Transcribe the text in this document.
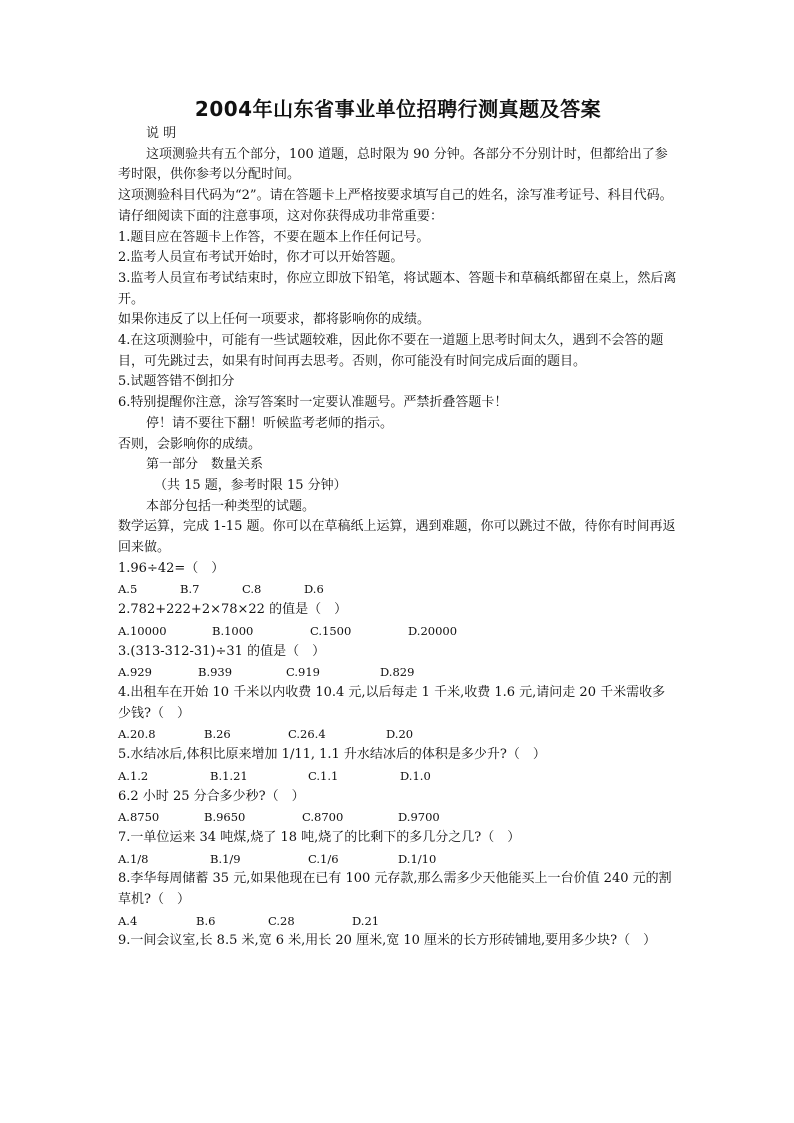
2004年山东省事业单位招聘行测真题及答案

说 明

这项测验共有五个部分，100 道题，总时限为 90 分钟。各部分不分别计时，但都给出了参考时限，供你参考以分配时间。

这项测验科目代码为“2”。请在答题卡上严格按要求填写自己的姓名，涂写准考证号、科目代码。

请仔细阅读下面的注意事项，这对你获得成功非常重要：

1.题目应在答题卡上作答，不要在题本上作任何记号。

2.监考人员宣布考试开始时，你才可以开始答题。

3.监考人员宣布考试结束时，你应立即放下铅笔，将试题本、答题卡和草稿纸都留在桌上，然后离开。

如果你违反了以上任何一项要求，都将影响你的成绩。

4.在这项测验中，可能有一些试题较难，因此你不要在一道题上思考时间太久，遇到不会答的题目，可先跳过去，如果有时间再去思考。否则，你可能没有时间完成后面的题目。

5.试题答错不倒扣分

6.特别提醒你注意，涂写答案时一定要认准题号。严禁折叠答题卡！

停！请不要往下翻！听候监考老师的指示。

否则，会影响你的成绩。

第一部分　数量关系

（共 15 题，参考时限 15 分钟）

本部分包括一种类型的试题。

数学运算，完成 1-15 题。你可以在草稿纸上运算，遇到难题，你可以跳过不做，待你有时间再返回来做。

1.96÷42=（　）

A.5	B.7	C.8	D.6

2.782+222+2×78×22 的值是（　）

A.10000	B.1000	C.1500	D.20000

3.(313-312-31)÷31 的值是（　）

A.929	B.939	C.919	D.829

4.出租车在开始 10 千米以内收费 10.4 元,以后每走 1 千米,收费 1.6 元,请问走 20 千米需收多少钱?（　）

A.20.8	B.26	C.26.4	D.20

5.水结冰后,体积比原来增加 1/11, 1.1 升水结冰后的体积是多少升?（　）

A.1.2	B.1.21	C.1.1	D.1.0

6.2 小时 25 分合多少秒?（　）

A.8750	B.9650	C.8700	D.9700

7.一单位运来 34 吨煤,烧了 18 吨,烧了的比剩下的多几分之几?（　）

A.1/8	B.1/9	C.1/6	D.1/10

8.李华每周储蓄 35 元,如果他现在已有 100 元存款,那么需多少天他能买上一台价值 240 元的割草机?（　）

A.4	B.6	C.28	D.21

9.一间会议室,长 8.5 米,宽 6 米,用长 20 厘米,宽 10 厘米的长方形砖铺地,要用多少块?（　）
